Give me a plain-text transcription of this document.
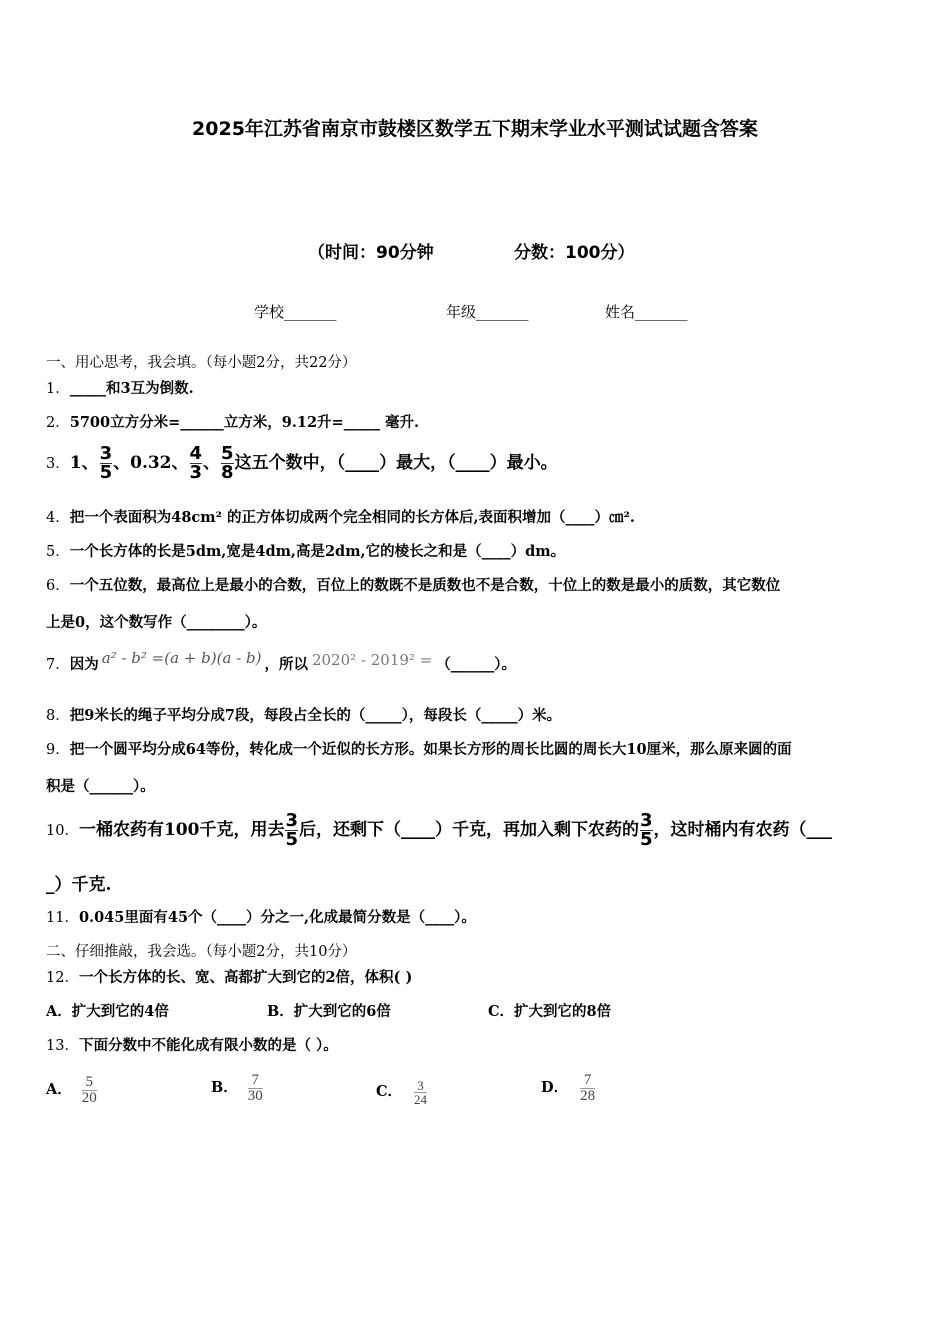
2025年江苏省南京市鼓楼区数学五下期末学业水平测试试题含答案
（时间：90分钟	分数：100分）
学校_______	年级_______	姓名_______
一、用心思考，我会填。（每小题2分，共22分）
1．_____和3互为倒数.
2．5700立方分米=______立方米，9.12升=_____ 毫升.
3．1、 $\frac{3}{5}$ 、0.32、 $\frac{4}{3}$ 、 $\frac{5}{8}$ 这五个数中，（____）最大，（____）最小。
4．把一个表面积为48cm² 的正方体切成两个完全相同的长方体后,表面积增加（____）㎝².
5．一个长方体的长是5dm,宽是4dm,高是2dm,它的棱长之和是（____）dm。
6．一个五位数，最高位上是最小的合数，百位上的数既不是质数也不是合数，十位上的数是最小的质数，其它数位
上是0，这个数写作（________）。
7．因为 a² - b² =(a + b)(a - b) ，所以 2020² - 2019² = （______）。
8．把9米长的绳子平均分成7段，每段占全长的（_____），每段长（_____）米。
9．把一个圆平均分成64等份，转化成一个近似的长方形。如果长方形的周长比圆的周长大10厘米，那么原来圆的面
积是（______）。
10．一桶农药有100千克，用去 $\frac{3}{5}$ 后，还剩下（____）千克，再加入剩下农药的 $\frac{3}{5}$ ，这时桶内有农药（___
_）千克.
11．0.045里面有45个（____）分之一,化成最简分数是（____）。
二、仔细推敲，我会选。（每小题2分，共10分）
12．一个长方体的长、宽、高都扩大到它的2倍，体积( )
A．扩大到它的4倍	B．扩大到它的6倍	C．扩大到它的8倍
13．下面分数中不能化成有限小数的是（ ）。
A． $\frac{5}{20}$	B． $\frac{7}{30}$	C． $\frac{3}{24}$	D． $\frac{7}{28}$
